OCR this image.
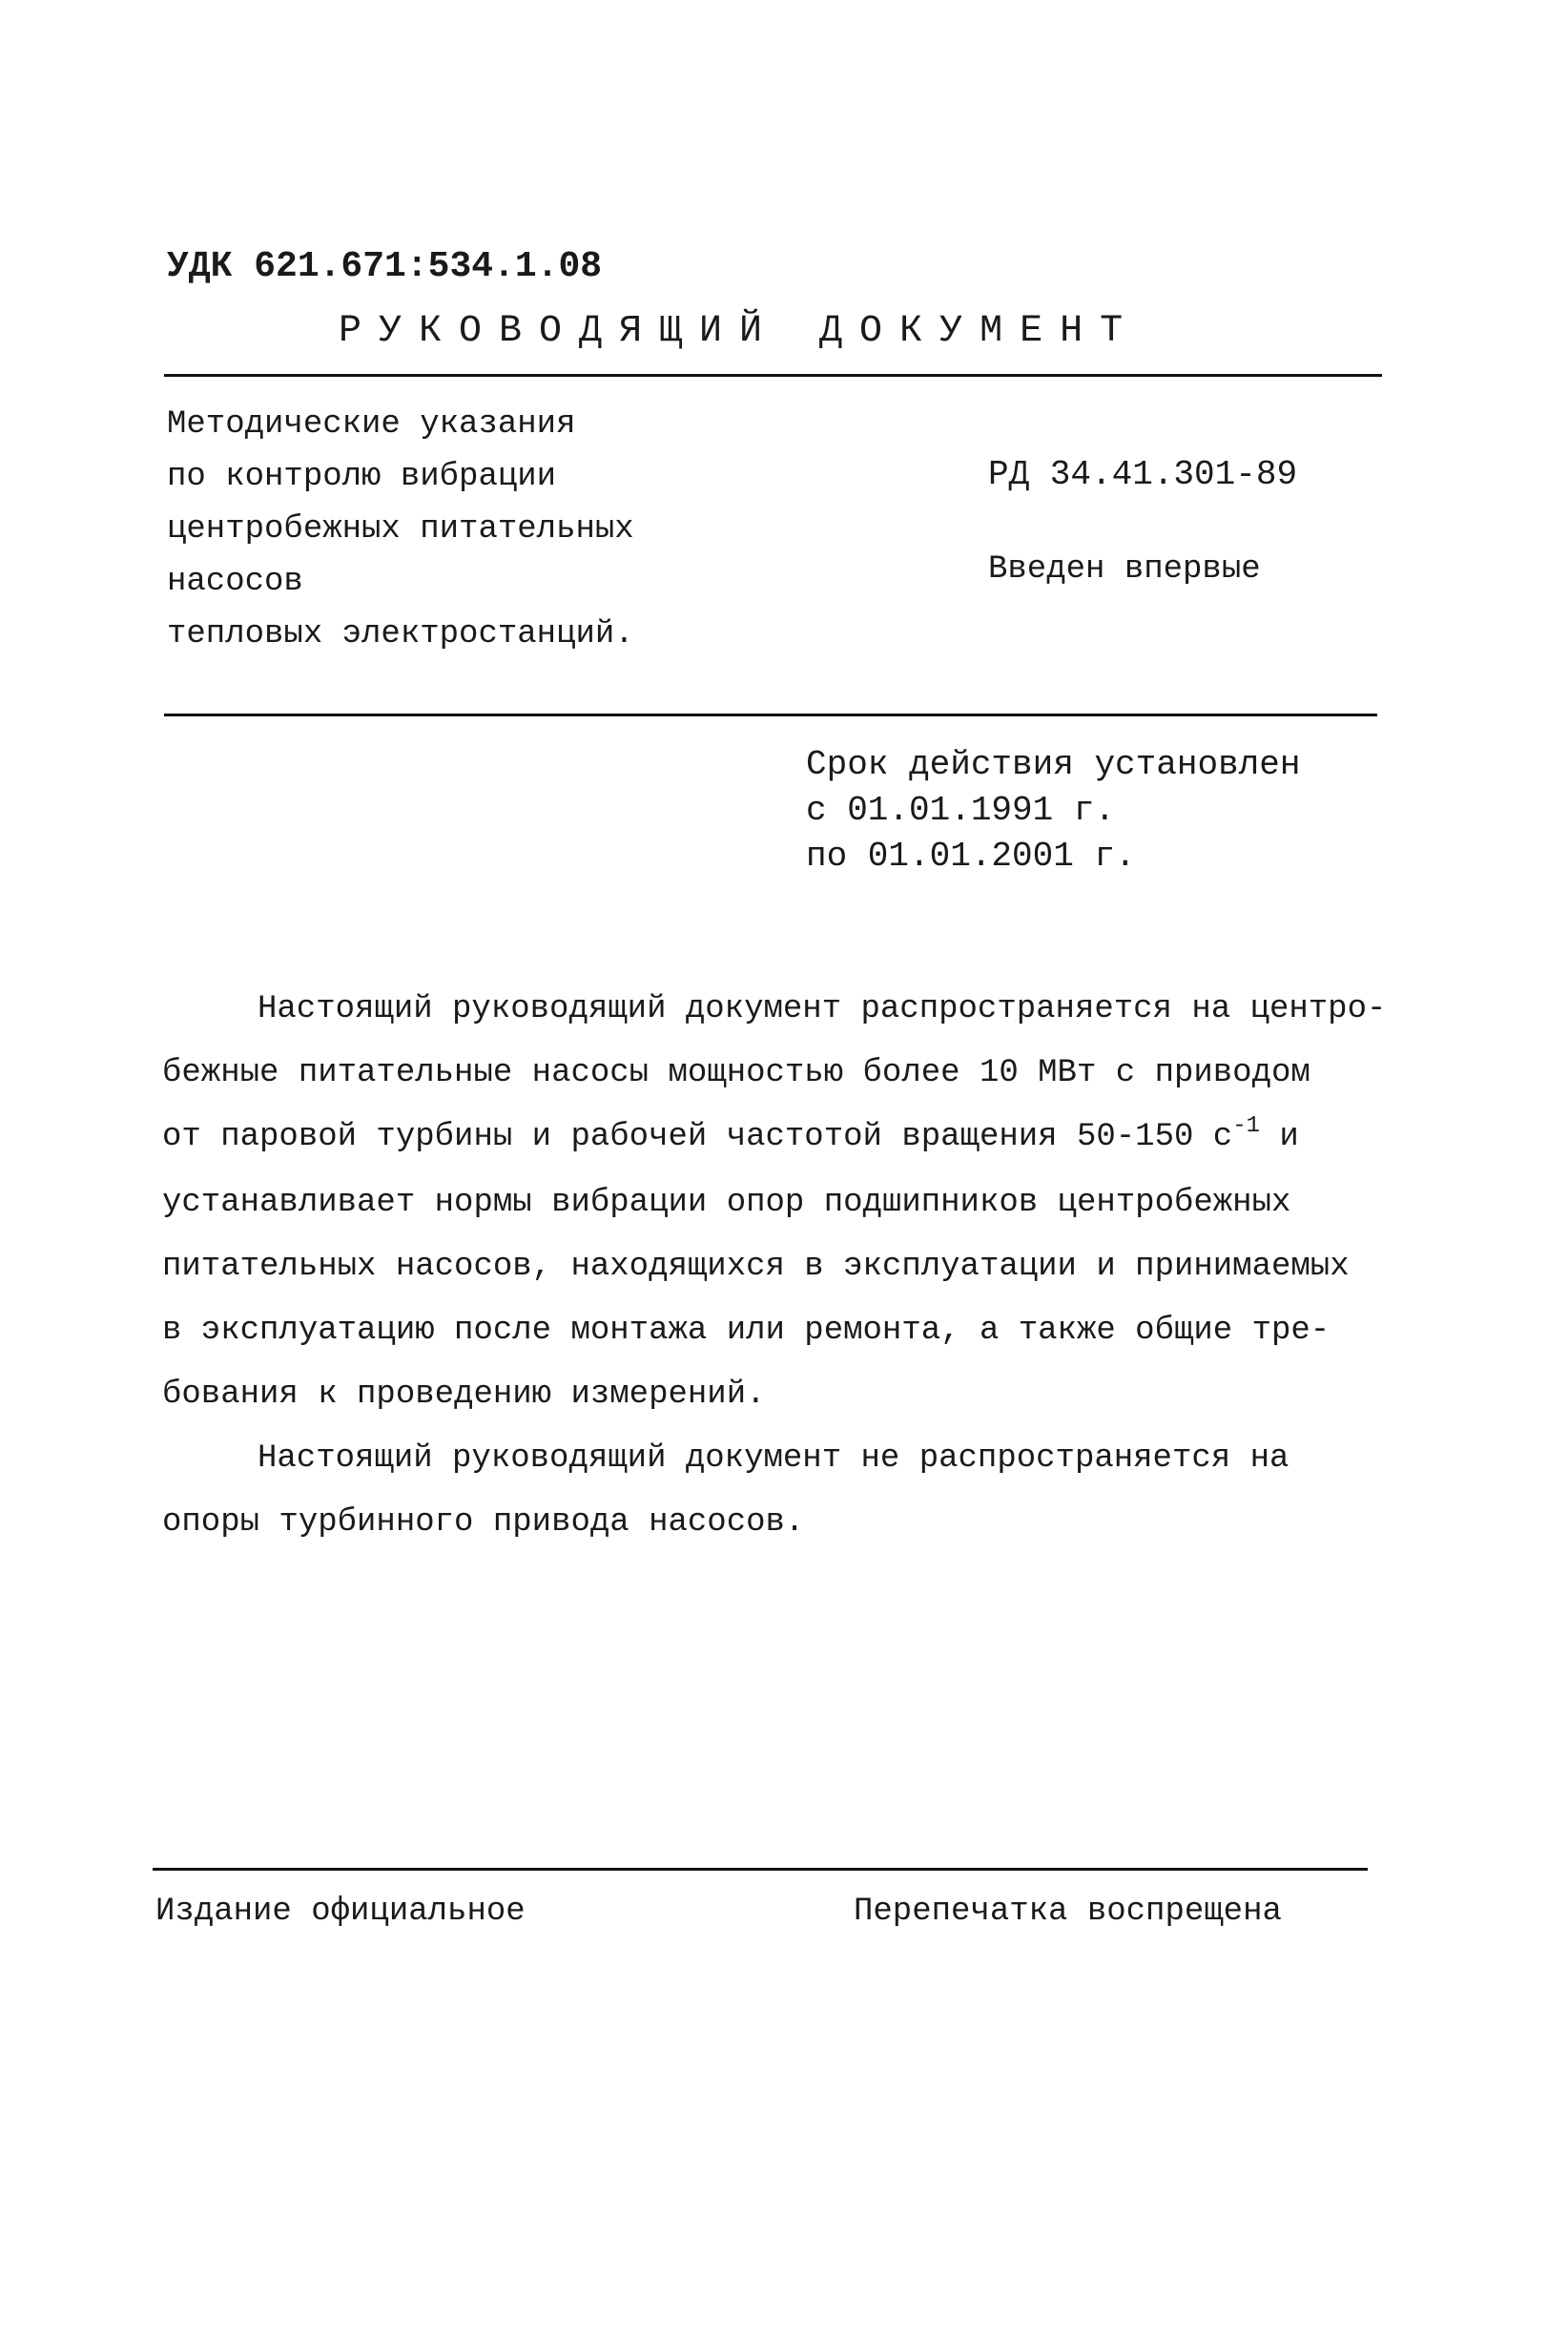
УДК 621.671:534.1.08
РУКОВОДЯЩИЙ ДОКУМЕНТ
Методические указания
по контролю вибрации
центробежных питательных
насосов
тепловых электростанций.
РД 34.41.301-89
Введен впервые
Срок действия установлен
с 01.01.1991 г.
по 01.01.2001 г.
Настоящий руководящий документ распространяется на центро-
бежные питательные насосы мощностью более 10 МВт с приводом
от паровой турбины и рабочей частотой вращения 50-150 $с^{-1}$ и
устанавливает нормы вибрации опор подшипников центробежных
питательных насосов, находящихся в эксплуатации и принимаемых
в эксплуатацию после монтажа или ремонта, а также общие тре-
бования к проведению измерений.
Настоящий руководящий документ не распространяется на
опоры турбинного привода насосов.
Издание официальное	Перепечатка воспрещена
